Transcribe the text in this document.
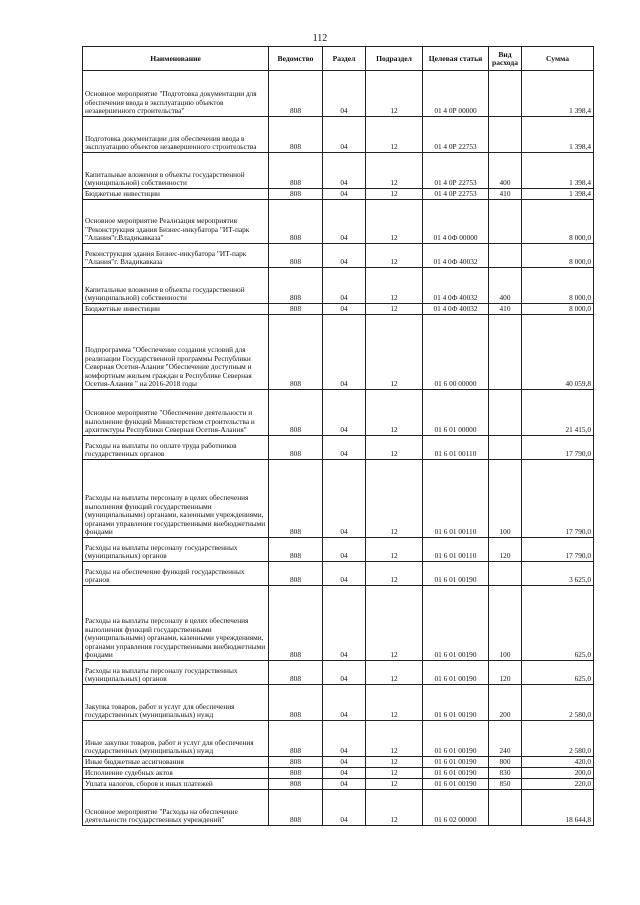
112
Наименование	Ведомство	Раздел	Подраздел	Целевая статья	Вид расхода	Сумма
Основное мероприятие "Подготовка документации для обеспечения ввода в эксплуатацию объектов незавершенного строительства"	808	04	12	01 4 0Р 00000		1 398,4
Подготовка документации для обеспечения ввода в эксплуатацию объектов незавершенного строительства	808	04	12	01 4 0Р 22753		1 398,4
Капитальные вложения в объекты государственной (муниципальной) собственности	808	04	12	01 4 0Р 22753	400	1 398,4
Бюджетные инвестиции	808	04	12	01 4 0Р 22753	410	1 398,4
Основное мероприятие Реализация мероприятия "Реконструкция здания Бизнес-инкубатора "ИТ-парк "Алания"г.Владикавказа"	808	04	12	01 4 0Ф 00000		8 000,0
Реконструкция здания Бизнес-инкубатора "ИТ-парк "Алания"г. Владикавказа	808	04	12	01 4 0Ф 40032		8 000,0
Капитальные вложения в объекты государственной (муниципальной) собственности	808	04	12	01 4 0Ф 40032	400	8 000,0
Бюджетные инвестиции	808	04	12	01 4 0Ф 40032	410	8 000,0
Подпрограмма "Обеспечение создания условий для реализации Государственной программы Республики Северная Осетия-Алания "Обеспечение доступным и комфортным жильем граждан в Республике Северная Осетия-Алания " на 2016-2018 годы	808	04	12	01 6 00 00000		40 059,8
Основное мероприятие "Обеспечение деятельности и выполнение функций Министерством строительства и архитектуры Республики Северная Осетия-Алания"	808	04	12	01 6 01 00000		21 415,0
Расходы на выплаты по оплате труда работников государственных органов	808	04	12	01 6 01 00110		17 790,0
Расходы на выплаты персоналу в целях обеспечения выполнения функций государственными (муниципальными) органами, казенными учреждениями, органами управления государственными внебюджетными фондами	808	04	12	01 6 01 00110	100	17 790,0
Расходы на выплаты персоналу государственных (муниципальных) органов	808	04	12	01 6 01 00110	120	17 790,0
Расходы на обеспечение функций государственных органов	808	04	12	01 6 01 00190		3 625,0
Расходы на выплаты персоналу в целях обеспечения выполнения функций государственными (муниципальными) органами, казенными учреждениями, органами управления государственными внебюджетными фондами	808	04	12	01 6 01 00190	100	625,0
Расходы на выплаты персоналу государственных (муниципальных) органов	808	04	12	01 6 01 00190	120	625,0
Закупка товаров, работ и услуг для обеспечения государственных (муниципальных) нужд	808	04	12	01 6 01 00190	200	2 580,0
Иные закупки товаров, работ и услуг для обеспечения государственных (муниципальных) нужд	808	04	12	01 6 01 00190	240	2 580,0
Иные бюджетные ассигнования	808	04	12	01 6 01 00190	800	420,0
Исполнение судебных актов	808	04	12	01 6 01 00190	830	200,0
Уплата налогов, сборов и иных платежей	808	04	12	01 6 01 00190	850	220,0
Основное мероприятие "Расходы на обеспечение деятельности государственных учреждений"	808	04	12	01 6 02 00000		18 644,8
